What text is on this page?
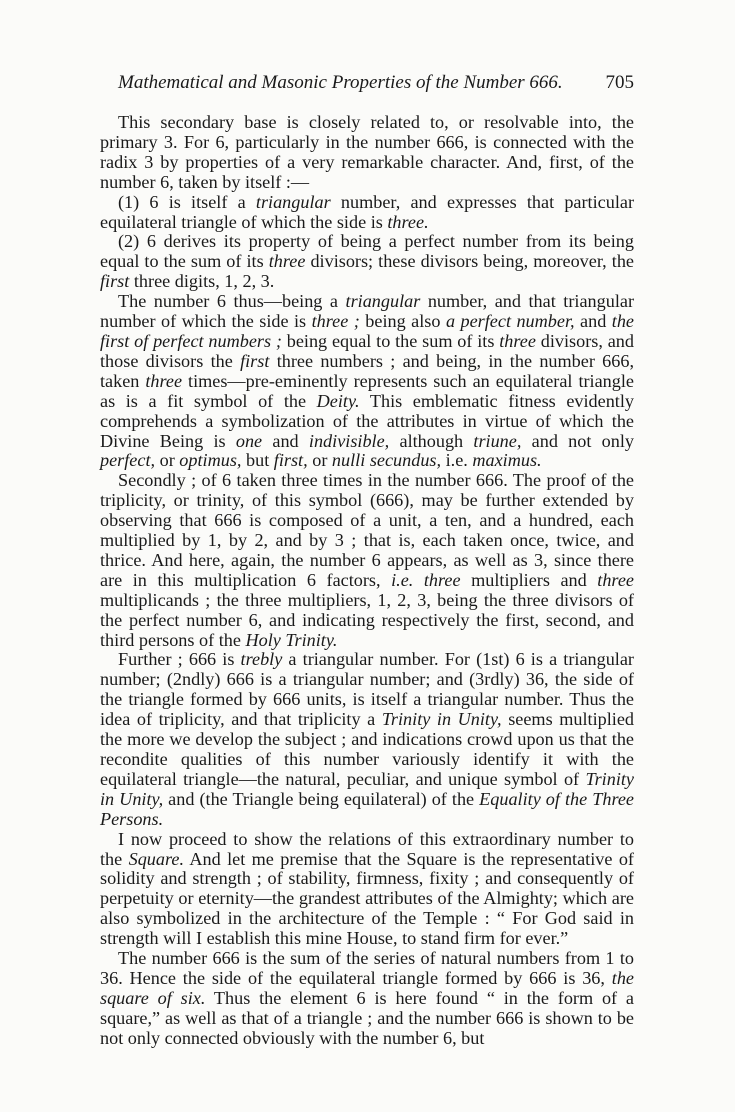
Mathematical and Masonic Properties of the Number 666. 705

This secondary base is closely related to, or resolvable into, the primary 3. For 6, particularly in the number 666, is connected with the radix 3 by properties of a very remarkable character. And, first, of the number 6, taken by itself :—

(1) 6 is itself a triangular number, and expresses that particular equilateral triangle of which the side is three.

(2) 6 derives its property of being a perfect number from its being equal to the sum of its three divisors; these divisors being, moreover, the first three digits, 1, 2, 3.

The number 6 thus—being a triangular number, and that triangular number of which the side is three ; being also a perfect number, and the first of perfect numbers ; being equal to the sum of its three divisors, and those divisors the first three numbers ; and being, in the number 666, taken three times—pre-eminently represents such an equilateral triangle as is a fit symbol of the Deity. This emblematic fitness evidently comprehends a symbolization of the attributes in virtue of which the Divine Being is one and indivisible, although triune, and not only perfect, or optimus, but first, or nulli secundus, i.e. maximus.

Secondly ; of 6 taken three times in the number 666. The proof of the triplicity, or trinity, of this symbol (666), may be further extended by observing that 666 is composed of a unit, a ten, and a hundred, each multiplied by 1, by 2, and by 3 ; that is, each taken once, twice, and thrice. And here, again, the number 6 appears, as well as 3, since there are in this multiplication 6 factors, i.e. three multipliers and three multiplicands ; the three multipliers, 1, 2, 3, being the three divisors of the perfect number 6, and indicating respectively the first, second, and third persons of the Holy Trinity.

Further ; 666 is trebly a triangular number. For (1st) 6 is a triangular number; (2ndly) 666 is a triangular number; and (3rdly) 36, the side of the triangle formed by 666 units, is itself a triangular number. Thus the idea of triplicity, and that triplicity a Trinity in Unity, seems multiplied the more we develop the subject ; and indications crowd upon us that the recondite qualities of this number variously identify it with the equilateral triangle—the natural, peculiar, and unique symbol of Trinity in Unity, and (the Triangle being equilateral) of the Equality of the Three Persons.

I now proceed to show the relations of this extraordinary number to the Square. And let me premise that the Square is the representative of solidity and strength ; of stability, firmness, fixity ; and consequently of perpetuity or eternity—the grandest attributes of the Almighty; which are also symbolized in the architecture of the Temple : “ For God said in strength will I establish this mine House, to stand firm for ever.”

The number 666 is the sum of the series of natural numbers from 1 to 36. Hence the side of the equilateral triangle formed by 666 is 36, the square of six. Thus the element 6 is here found “ in the form of a square,” as well as that of a triangle ; and the number 666 is shown to be not only connected obviously with the number 6, but
